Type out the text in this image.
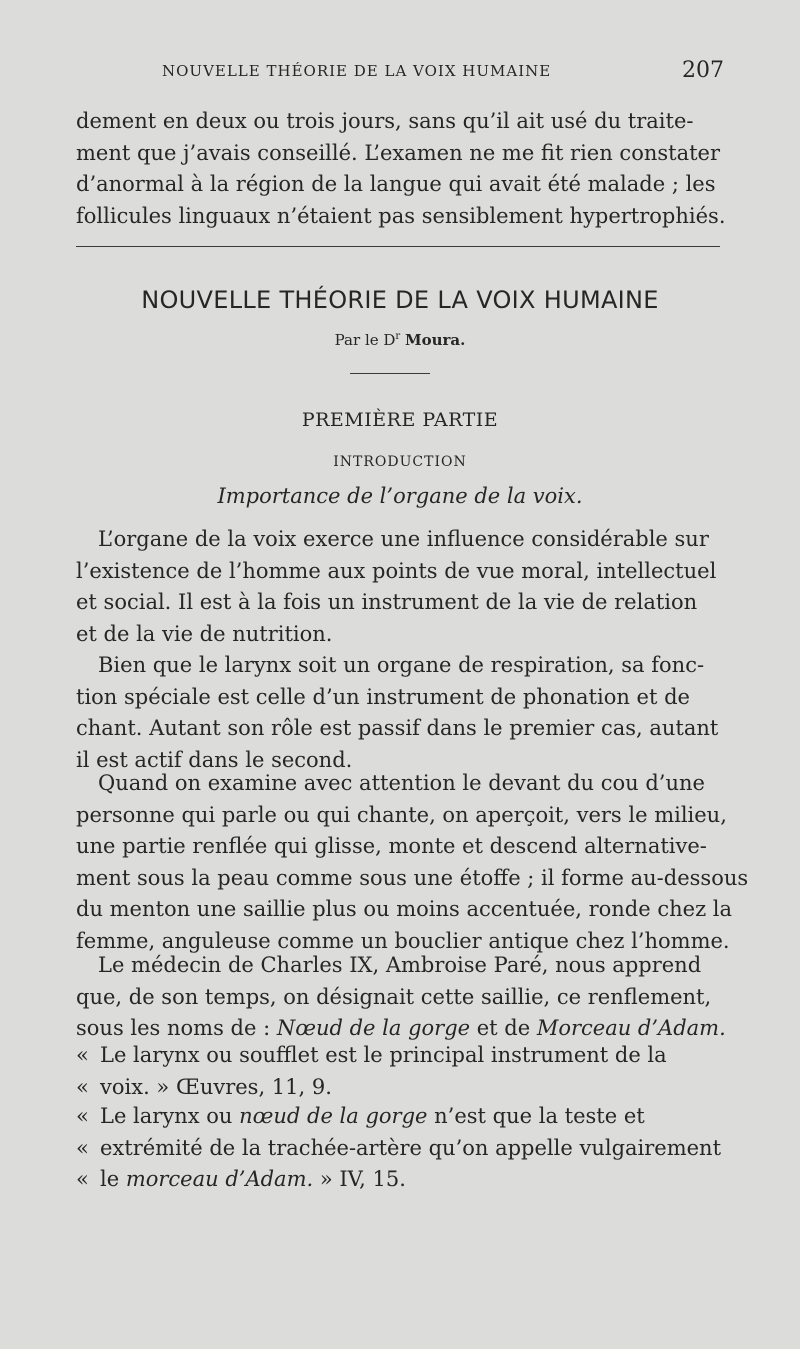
NOUVELLE THÉORIE DE LA VOIX HUMAINE	207
dement en deux ou trois jours, sans qu’il ait usé du traite-
ment que j’avais conseillé. L’examen ne me fit rien constater
d’anormal à la région de la langue qui avait été malade ; les
follicules linguaux n’étaient pas sensiblement hypertrophiés.
NOUVELLE THÉORIE DE LA VOIX HUMAINE
Par le $D^r$ Moura.
PREMIÈRE PARTIE
INTRODUCTION
Importance de l’organe de la voix.
L’organe de la voix exerce une influence considérable sur
l’existence de l’homme aux points de vue moral, intellectuel
et social. Il est à la fois un instrument de la vie de relation
et de la vie de nutrition.
Bien que le larynx soit un organe de respiration, sa fonc-
tion spéciale est celle d’un instrument de phonation et de
chant. Autant son rôle est passif dans le premier cas, autant
il est actif dans le second.
Quand on examine avec attention le devant du cou d’une
personne qui parle ou qui chante, on aperçoit, vers le milieu,
une partie renflée qui glisse, monte et descend alternative-
ment sous la peau comme sous une étoffe ; il forme au-dessous
du menton une saillie plus ou moins accentuée, ronde chez la
femme, anguleuse comme un bouclier antique chez l’homme.
Le médecin de Charles IX, Ambroise Paré, nous apprend
que, de son temps, on désignait cette saillie, ce renflement,
sous les noms de : Nœud de la gorge et de Morceau d’Adam.
« Le larynx ou soufflet est le principal instrument de la
« voix. » Œuvres, 11, 9.
« Le larynx ou nœud de la gorge n’est que la teste et
« extrémité de la trachée-artère qu’on appelle vulgairement
« le morceau d’Adam. » IV, 15.
